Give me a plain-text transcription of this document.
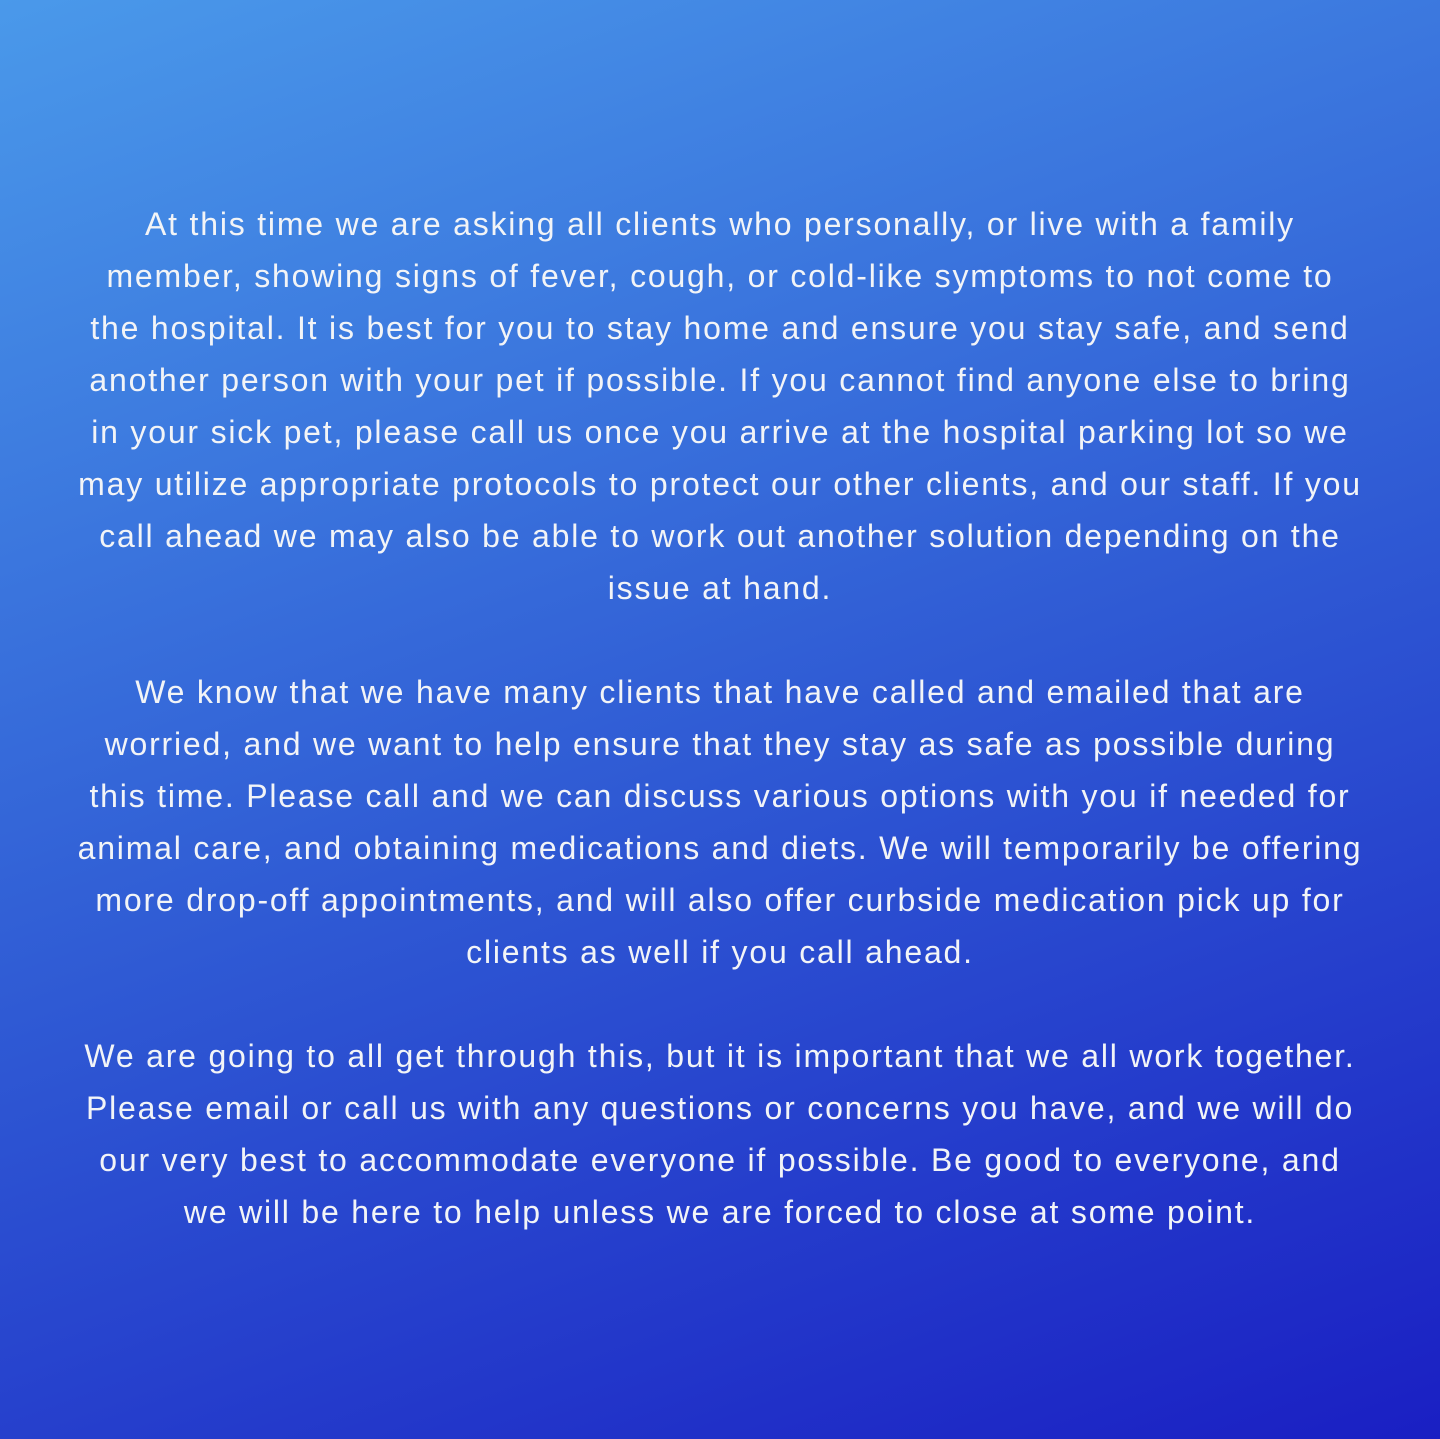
At this time we are asking all clients who personally, or live with a family member, showing signs of fever, cough, or cold-like symptoms to not come to the hospital. It is best for you to stay home and ensure you stay safe, and send another person with your pet if possible. If you cannot find anyone else to bring in your sick pet, please call us once you arrive at the hospital parking lot so we may utilize appropriate protocols to protect our other clients, and our staff. If you call ahead we may also be able to work out another solution depending on the issue at hand.

We know that we have many clients that have called and emailed that are worried, and we want to help ensure that they stay as safe as possible during this time. Please call and we can discuss various options with you if needed for animal care, and obtaining medications and diets. We will temporarily be offering more drop-off appointments, and will also offer curbside medication pick up for clients as well if you call ahead.

We are going to all get through this, but it is important that we all work together. Please email or call us with any questions or concerns you have, and we will do our very best to accommodate everyone if possible. Be good to everyone, and we will be here to help unless we are forced to close at some point.
